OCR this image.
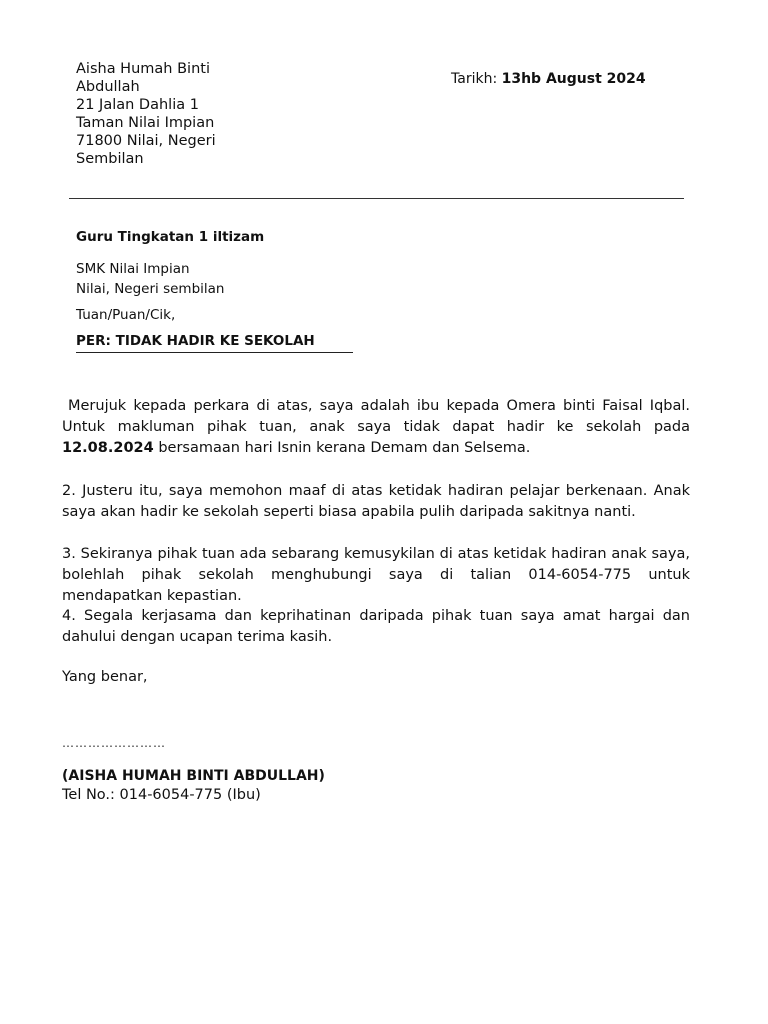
Aisha Humah Binti
Abdullah
21 Jalan Dahlia 1
Taman Nilai Impian
71800 Nilai, Negeri
Sembilan
Tarikh: 13hb August 2024
Guru Tingkatan 1 iltizam
SMK Nilai Impian
Nilai, Negeri sembilan
Tuan/Puan/Cik,
PER: TIDAK HADIR KE SEKOLAH
Merujuk kepada perkara di atas, saya adalah ibu kepada Omera binti Faisal Iqbal. Untuk makluman pihak tuan, anak saya tidak dapat hadir ke sekolah pada 12.08.2024 bersamaan hari Isnin kerana Demam dan Selsema.
2. Justeru itu, saya memohon maaf di atas ketidak hadiran pelajar berkenaan. Anak saya akan hadir ke sekolah seperti biasa apabila pulih daripada sakitnya nanti.
3. Sekiranya pihak tuan ada sebarang kemusykilan di atas ketidak hadiran anak saya, bolehlah pihak sekolah menghubungi saya di talian 014-6054-775 untuk mendapatkan kepastian.
4. Segala kerjasama dan keprihatinan daripada pihak tuan saya amat hargai dan dahului dengan ucapan terima kasih.
Yang benar,
……………………
(AISHA HUMAH BINTI ABDULLAH)
Tel No.: 014-6054-775 (Ibu)
